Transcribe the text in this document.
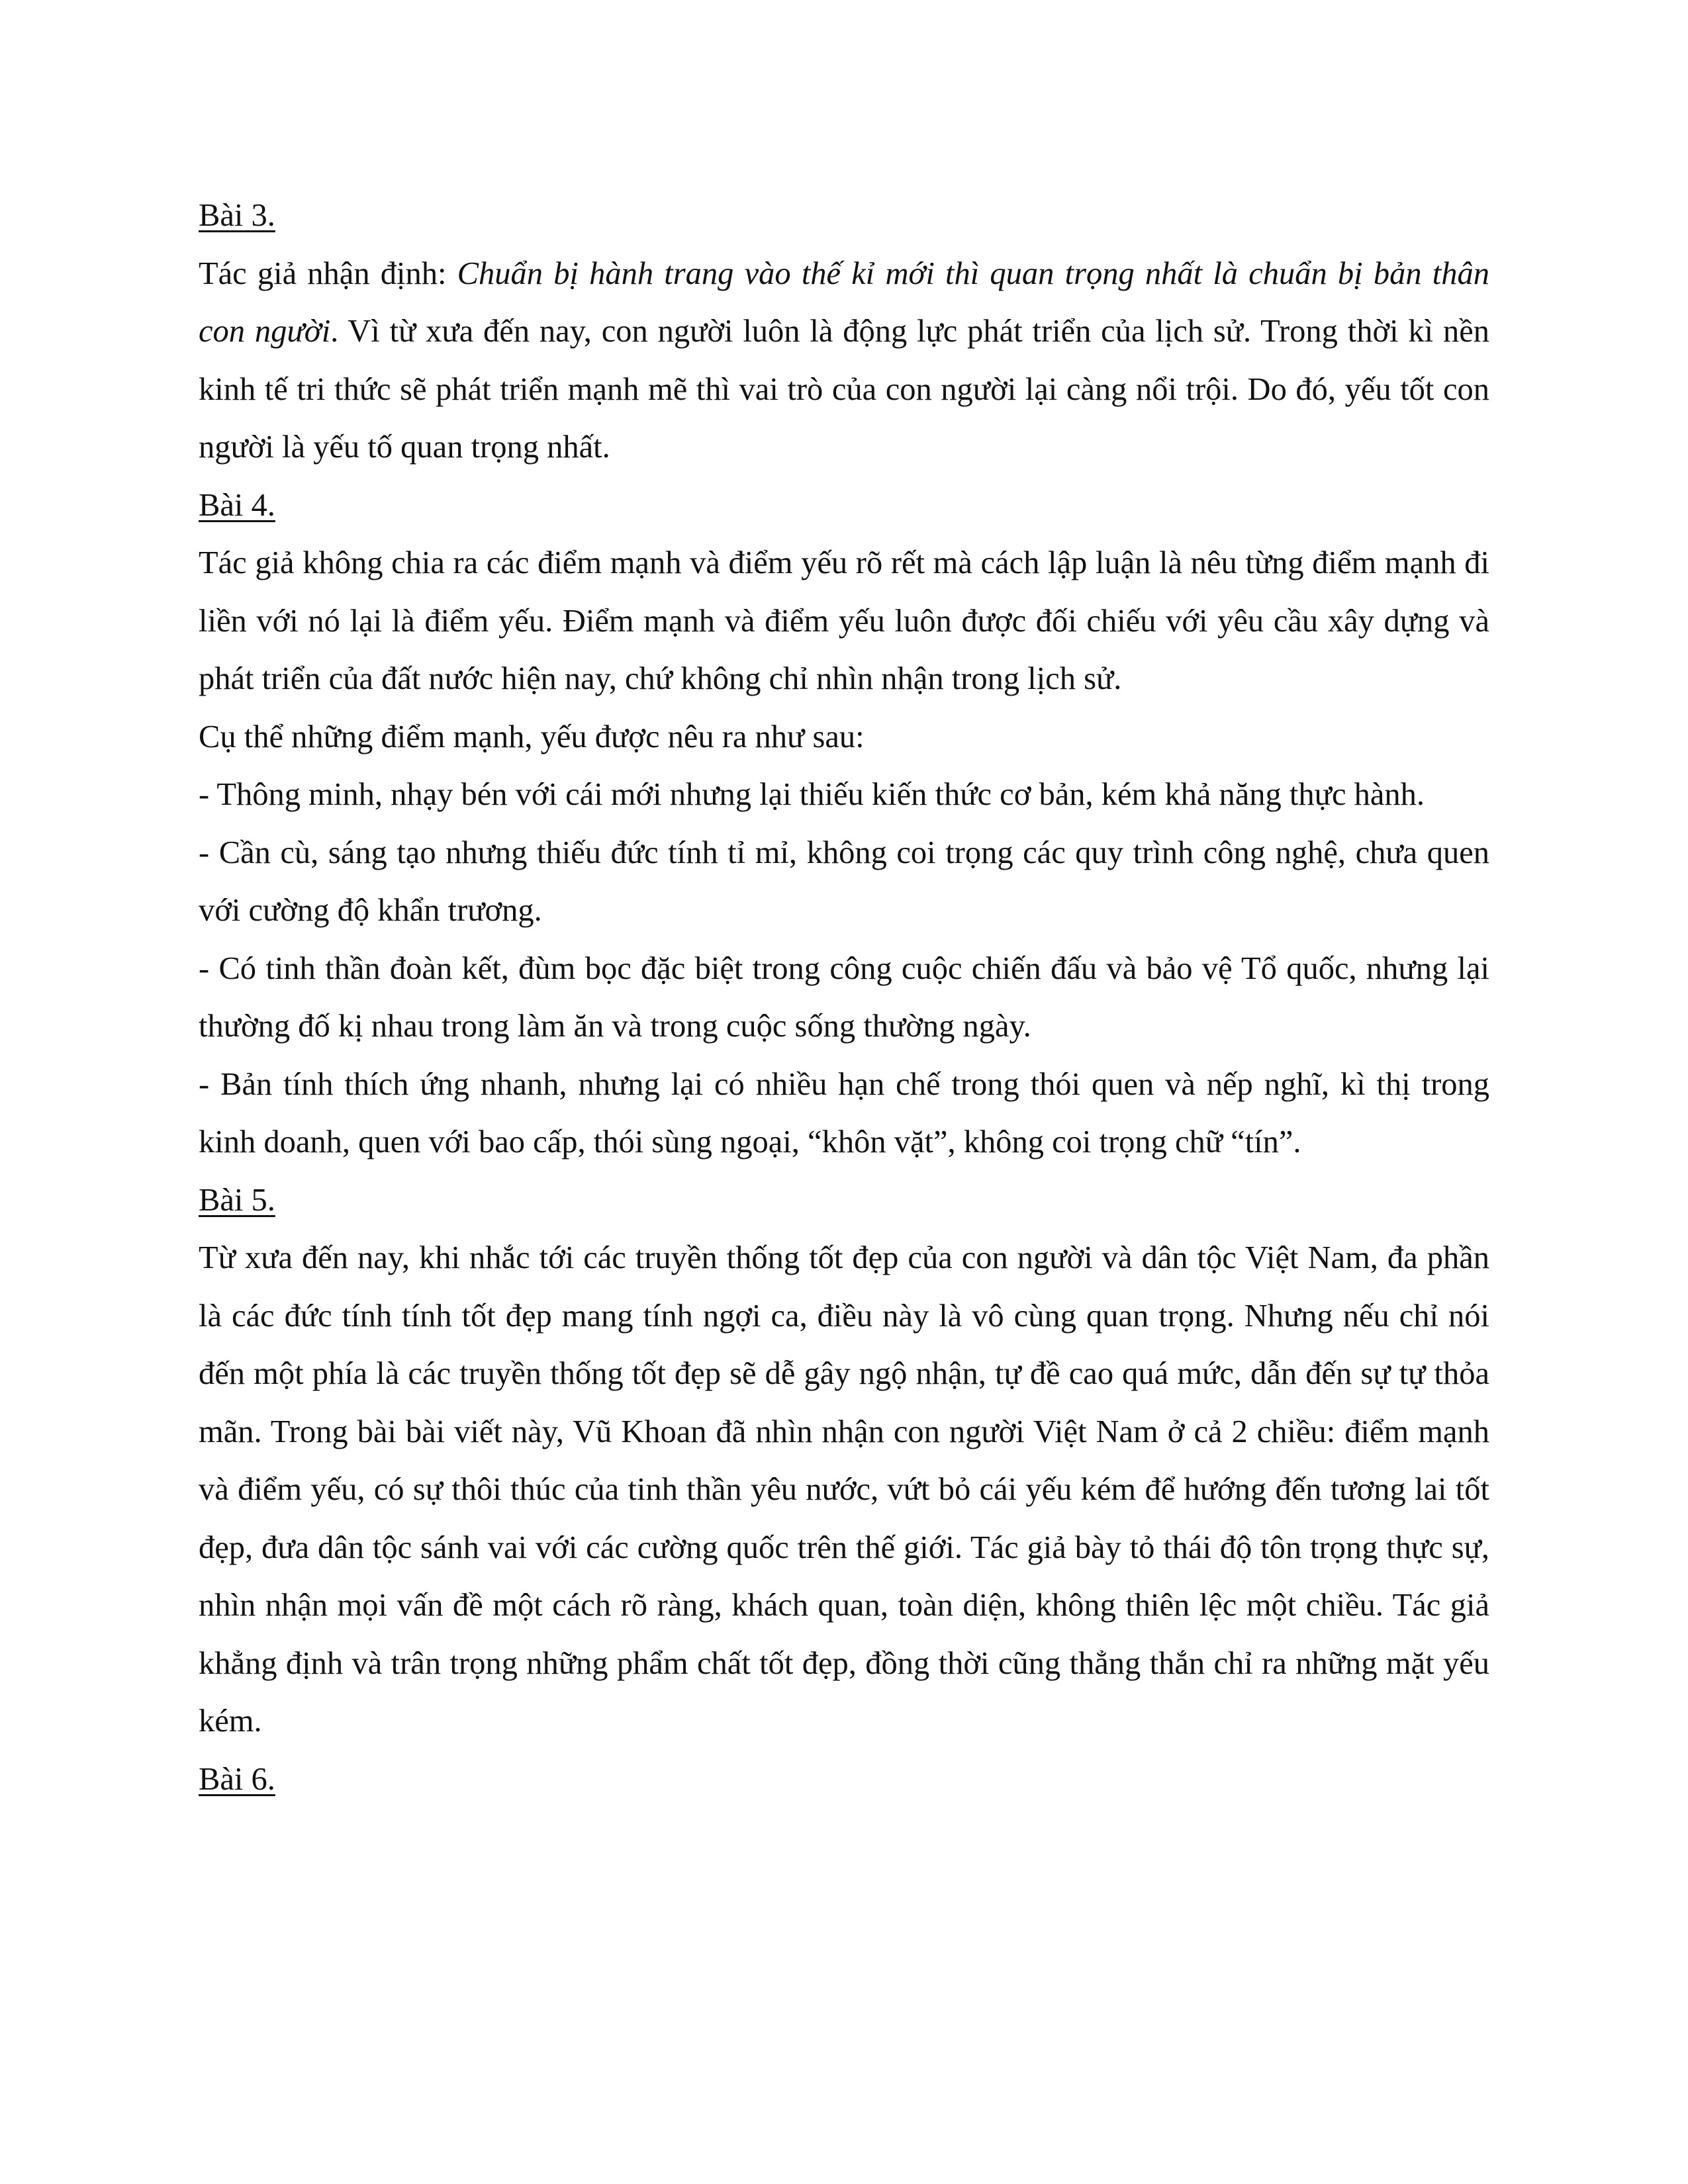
Bài 3.

Tác giả nhận định: Chuẩn bị hành trang vào thế kỉ mới thì quan trọng nhất là chuẩn bị bản thân con người. Vì từ xưa đến nay, con người luôn là động lực phát triển của lịch sử. Trong thời kì nền kinh tế tri thức sẽ phát triển mạnh mẽ thì vai trò của con người lại càng nổi trội. Do đó, yếu tốt con người là yếu tố quan trọng nhất.

Bài 4.

Tác giả không chia ra các điểm mạnh và điểm yếu rõ rết mà cách lập luận là nêu từng điểm mạnh đi liền với nó lại là điểm yếu. Điểm mạnh và điểm yếu luôn được đối chiếu với yêu cầu xây dựng và phát triển của đất nước hiện nay, chứ không chỉ nhìn nhận trong lịch sử.

Cụ thể những điểm mạnh, yếu được nêu ra như sau:

- Thông minh, nhạy bén với cái mới nhưng lại thiếu kiến thức cơ bản, kém khả năng thực hành.

- Cần cù, sáng tạo nhưng thiếu đức tính tỉ mỉ, không coi trọng các quy trình công nghệ, chưa quen với cường độ khẩn trương.

- Có tinh thần đoàn kết, đùm bọc đặc biệt trong công cuộc chiến đấu và bảo vệ Tổ quốc, nhưng lại thường đố kị nhau trong làm ăn và trong cuộc sống thường ngày.

- Bản tính thích ứng nhanh, nhưng lại có nhiều hạn chế trong thói quen và nếp nghĩ, kì thị trong kinh doanh, quen với bao cấp, thói sùng ngoại, “khôn vặt”, không coi trọng chữ “tín”.

Bài 5.

Từ xưa đến nay, khi nhắc tới các truyền thống tốt đẹp của con người và dân tộc Việt Nam, đa phần là các đức tính tính tốt đẹp mang tính ngợi ca, điều này là vô cùng quan trọng. Nhưng nếu chỉ nói đến một phía là các truyền thống tốt đẹp sẽ dễ gây ngộ nhận, tự đề cao quá mức, dẫn đến sự tự thỏa mãn. Trong bài bài viết này, Vũ Khoan đã nhìn nhận con người Việt Nam ở cả 2 chiều: điểm mạnh và điểm yếu, có sự thôi thúc của tinh thần yêu nước, vứt bỏ cái yếu kém để hướng đến tương lai tốt đẹp, đưa dân tộc sánh vai với các cường quốc trên thế giới. Tác giả bày tỏ thái độ tôn trọng thực sự, nhìn nhận mọi vấn đề một cách rõ ràng, khách quan, toàn diện, không thiên lệc một chiều. Tác giả khẳng định và trân trọng những phẩm chất tốt đẹp, đồng thời cũng thẳng thắn chỉ ra những mặt yếu kém.

Bài 6.
